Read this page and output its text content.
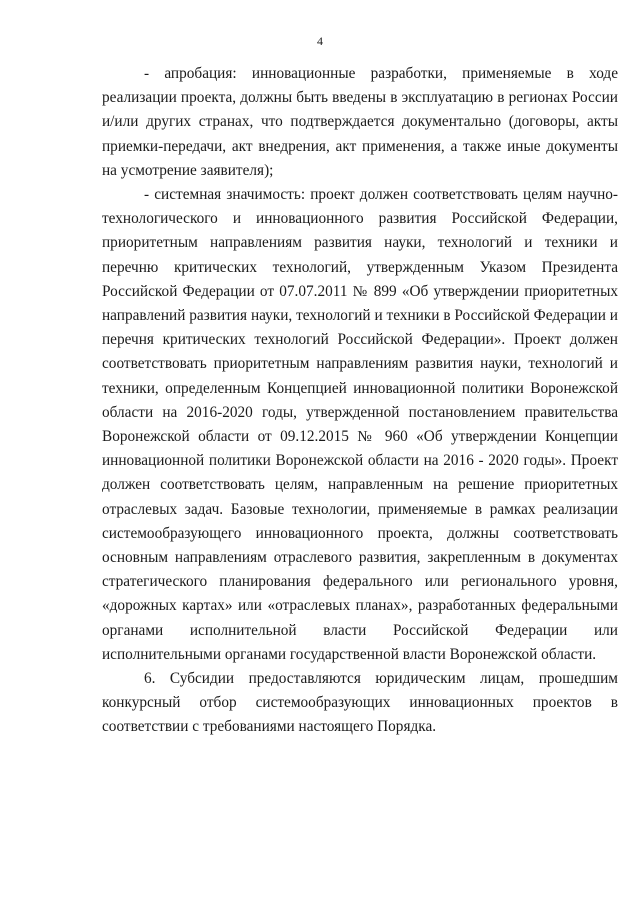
4

- апробация: инновационные разработки, применяемые в ходе реализации проекта, должны быть введены в эксплуатацию в регионах России и/или других странах, что подтверждается документально (договоры, акты приемки-передачи, акт внедрения, акт применения, а также иные документы на усмотрение заявителя);

- системная значимость: проект должен соответствовать целям научно-технологического и инновационного развития Российской Федерации, приоритетным направлениям развития науки, технологий и техники и перечню критических технологий, утвержденным Указом Президента Российской Федерации от 07.07.2011 № 899 «Об утверждении приоритетных направлений развития науки, технологий и техники в Российской Федерации и перечня критических технологий Российской Федерации». Проект должен соответствовать приоритетным направлениям развития науки, технологий и техники, определенным Концепцией инновационной политики Воронежской области на 2016-2020 годы, утвержденной постановлением правительства Воронежской области от 09.12.2015 № 960 «Об утверждении Концепции инновационной политики Воронежской области на 2016 - 2020 годы». Проект должен соответствовать целям, направленным на решение приоритетных отраслевых задач. Базовые технологии, применяемые в рамках реализации системообразующего инновационного проекта, должны соответствовать основным направлениям отраслевого развития, закрепленным в документах стратегического планирования федерального или регионального уровня, «дорожных картах» или «отраслевых планах», разработанных федеральными органами исполнительной власти Российской Федерации или исполнительными органами государственной власти Воронежской области.

6. Субсидии предоставляются юридическим лицам, прошедшим конкурсный отбор системообразующих инновационных проектов в соответствии с требованиями настоящего Порядка.
